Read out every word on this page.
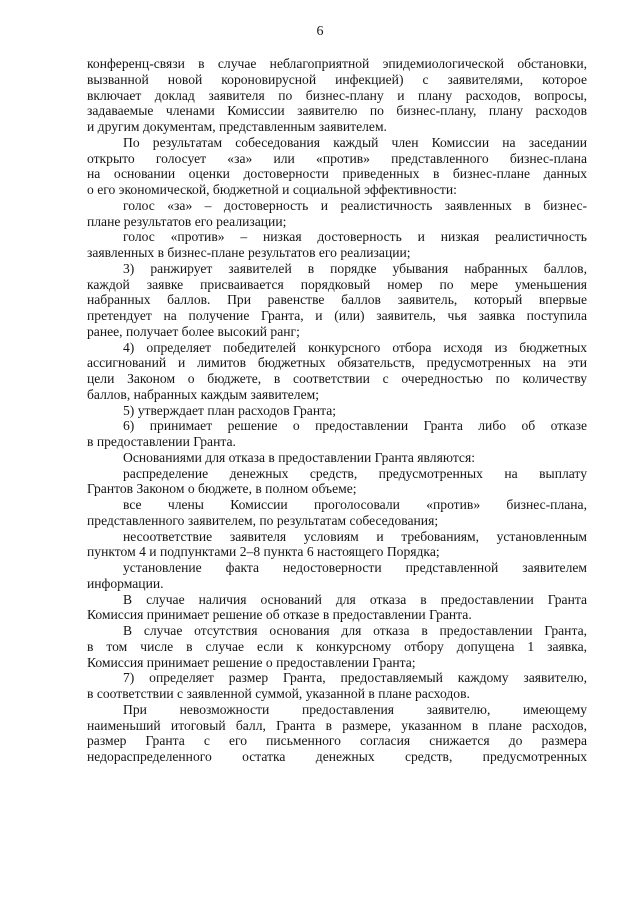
6
конференц-связи в случае неблагоприятной эпидемиологической обстановки,
вызванной новой короновирусной инфекцией) с заявителями, которое
включает доклад заявителя по бизнес-плану и плану расходов, вопросы,
задаваемые членами Комиссии заявителю по бизнес-плану, плану расходов
и другим документам, представленным заявителем.
По результатам собеседования каждый член Комиссии на заседании
открыто голосует «за» или «против» представленного бизнес-плана
на основании оценки достоверности приведенных в бизнес-плане данных
о его экономической, бюджетной и социальной эффективности:
голос «за» – достоверность и реалистичность заявленных в бизнес-
плане результатов его реализации;
голос «против» – низкая достоверность и низкая реалистичность
заявленных в бизнес-плане результатов его реализации;
3) ранжирует заявителей в порядке убывания набранных баллов,
каждой заявке присваивается порядковый номер по мере уменьшения
набранных баллов. При равенстве баллов заявитель, который впервые
претендует на получение Гранта, и (или) заявитель, чья заявка поступила
ранее, получает более высокий ранг;
4) определяет победителей конкурсного отбора исходя из бюджетных
ассигнований и лимитов бюджетных обязательств, предусмотренных на эти
цели Законом о бюджете, в соответствии с очередностью по количеству
баллов, набранных каждым заявителем;
5) утверждает план расходов Гранта;
6) принимает решение о предоставлении Гранта либо об отказе
в предоставлении Гранта.
Основаниями для отказа в предоставлении Гранта являются:
распределение денежных средств, предусмотренных на выплату
Грантов Законом о бюджете, в полном объеме;
все члены Комиссии проголосовали «против» бизнес-плана,
представленного заявителем, по результатам собеседования;
несоответствие заявителя условиям и требованиям, установленным
пунктом 4 и подпунктами 2–8 пункта 6 настоящего Порядка;
установление факта недостоверности представленной заявителем
информации.
В случае наличия оснований для отказа в предоставлении Гранта
Комиссия принимает решение об отказе в предоставлении Гранта.
В случае отсутствия основания для отказа в предоставлении Гранта,
в том числе в случае если к конкурсному отбору допущена 1 заявка,
Комиссия принимает решение о предоставлении Гранта;
7) определяет размер Гранта, предоставляемый каждому заявителю,
в соответствии с заявленной суммой, указанной в плане расходов.
При невозможности предоставления заявителю, имеющему
наименьший итоговый балл, Гранта в размере, указанном в плане расходов,
размер Гранта с его письменного согласия снижается до размера
недораспределенного остатка денежных средств, предусмотренных
